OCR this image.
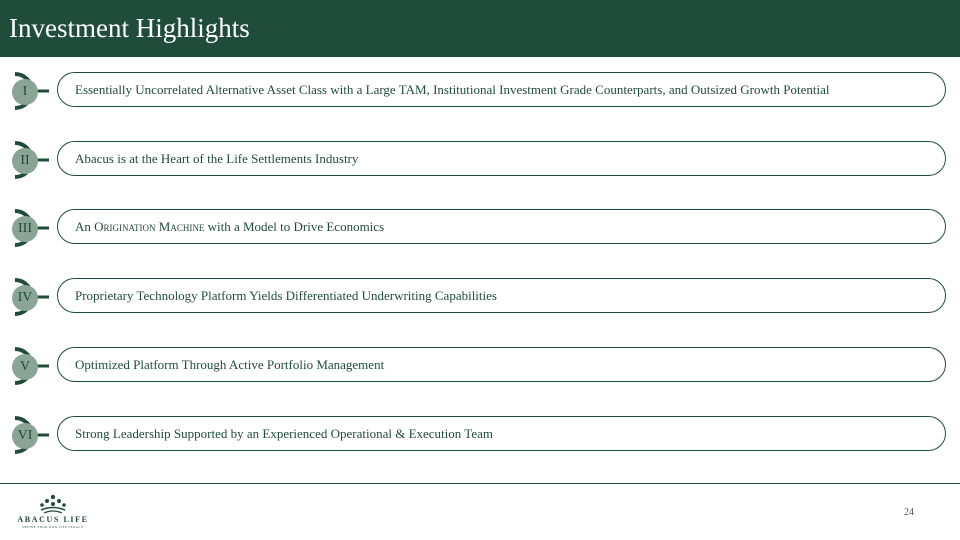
Investment Highlights
I	Essentially Uncorrelated Alternative Asset Class with a Large TAM, Institutional Investment Grade Counterparts, and Outsized Growth Potential
II	Abacus is at the Heart of the Life Settlements Industry
III	An Origination Machine with a Model to Drive Economics
IV	Proprietary Technology Platform Yields Differentiated Underwriting Capabilities
V	Optimized Platform Through Active Portfolio Management
VI	Strong Leadership Supported by an Experienced Operational & Execution Team
ABACUS LIFE
DEFINE YOUR OWN LIFE LEGACY
24
